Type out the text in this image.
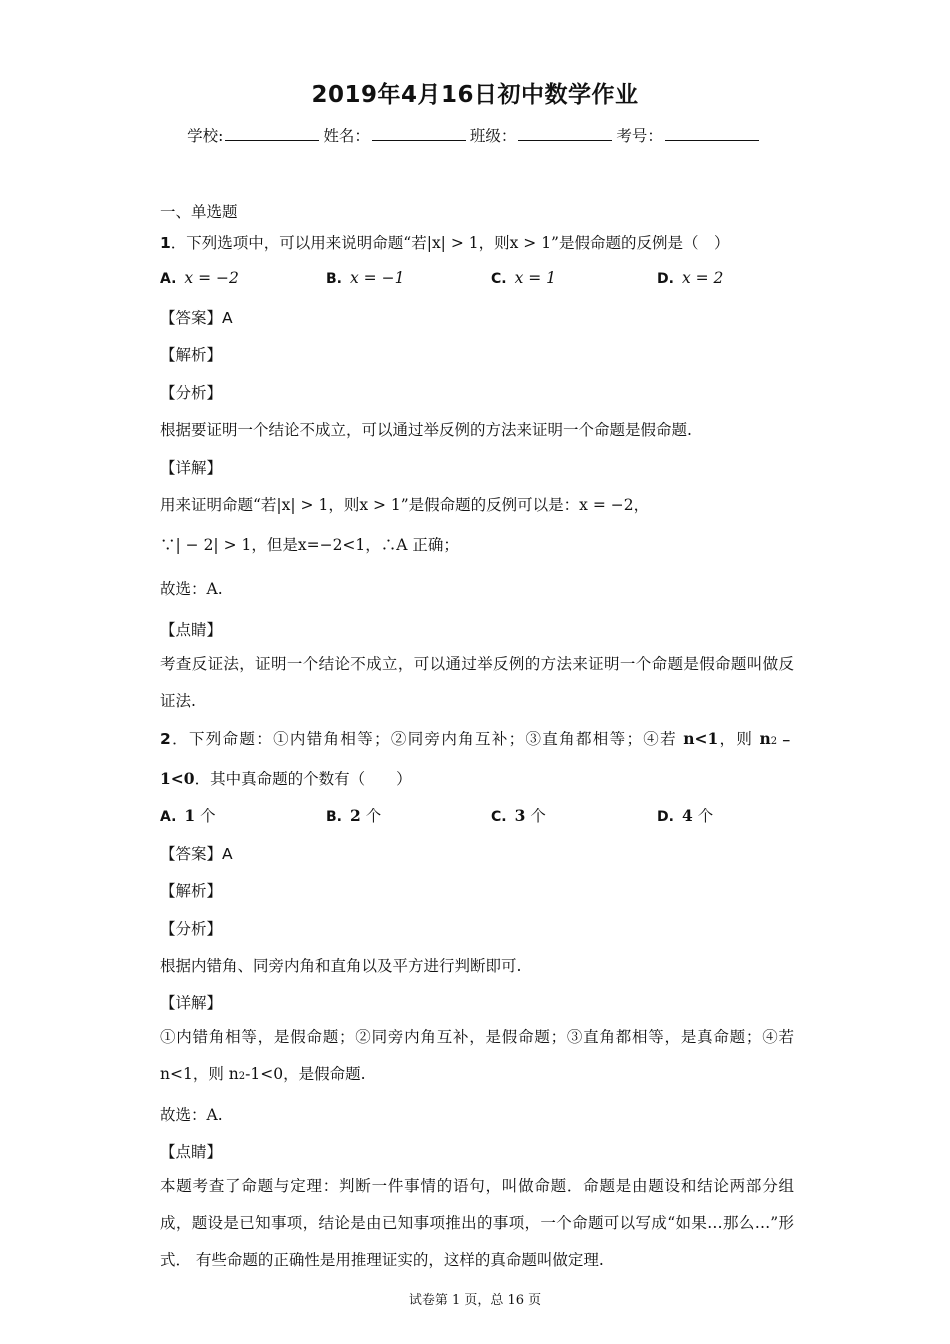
2019年4月16日初中数学作业
学校:	姓名：	班级：	考号：
一、单选题
1．下列选项中，可以用来说明命题“若|x| > 1，则x > 1”是假命题的反例是（　）
A. x = −2	B. x = −1	C. x = 1	D. x = 2
【答案】A
【解析】
【分析】
根据要证明一个结论不成立，可以通过举反例的方法来证明一个命题是假命题.
【详解】
用来证明命题“若|x| > 1，则x > 1”是假命题的反例可以是：x = −2，
∵| − 2| > 1，但是x=−2<1，∴A 正确；
故选：A.
【点睛】
考查反证法，证明一个结论不成立，可以通过举反例的方法来证明一个命题是假命题叫做反证法.
2．下列命题：①内错角相等；②同旁内角互补；③直角都相等；④若 n<1，则 n2﹣1<0．其中真命题的个数有（　　）
A. 1 个	B. 2 个	C. 3 个	D. 4 个
【答案】A
【解析】
【分析】
根据内错角、同旁内角和直角以及平方进行判断即可.
【详解】
①内错角相等，是假命题；②同旁内角互补，是假命题；③直角都相等，是真命题；④若 n<1，则 n2-1<0，是假命题.
故选：A.
【点睛】
本题考查了命题与定理：判断一件事情的语句，叫做命题．命题是由题设和结论两部分组成，题设是已知事项，结论是由已知事项推出的事项，一个命题可以写成“如果…那么…”形式． 有些命题的正确性是用推理证实的，这样的真命题叫做定理.
试卷第 1 页，总 16 页
